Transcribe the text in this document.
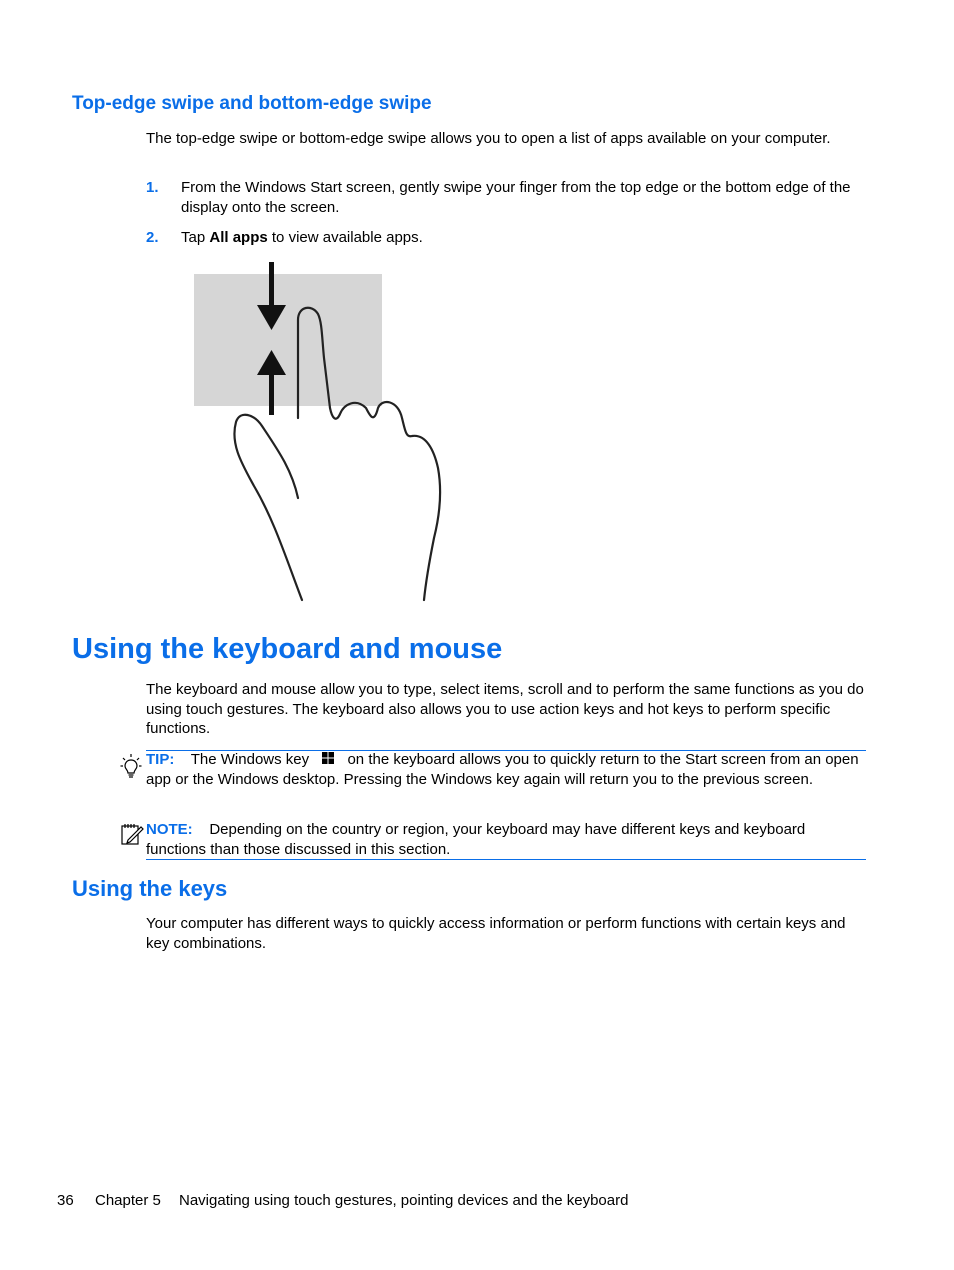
Top-edge swipe and bottom-edge swipe
The top-edge swipe or bottom-edge swipe allows you to open a list of apps available on your computer.
1. From the Windows Start screen, gently swipe your finger from the top edge or the bottom edge of the display onto the screen.
2. Tap All apps to view available apps.
Using the keyboard and mouse
The keyboard and mouse allow you to type, select items, scroll and to perform the same functions as you do using touch gestures. The keyboard also allows you to use action keys and hot keys to perform specific functions.
TIP: The Windows key	on the keyboard allows you to quickly return to the Start screen from an open app or the Windows desktop. Pressing the Windows key again will return you to the previous screen.
NOTE: Depending on the country or region, your keyboard may have different keys and keyboard functions than those discussed in this section.
Using the keys
Your computer has different ways to quickly access information or perform functions with certain keys and key combinations.
36 Chapter 5 Navigating using touch gestures, pointing devices and the keyboard
